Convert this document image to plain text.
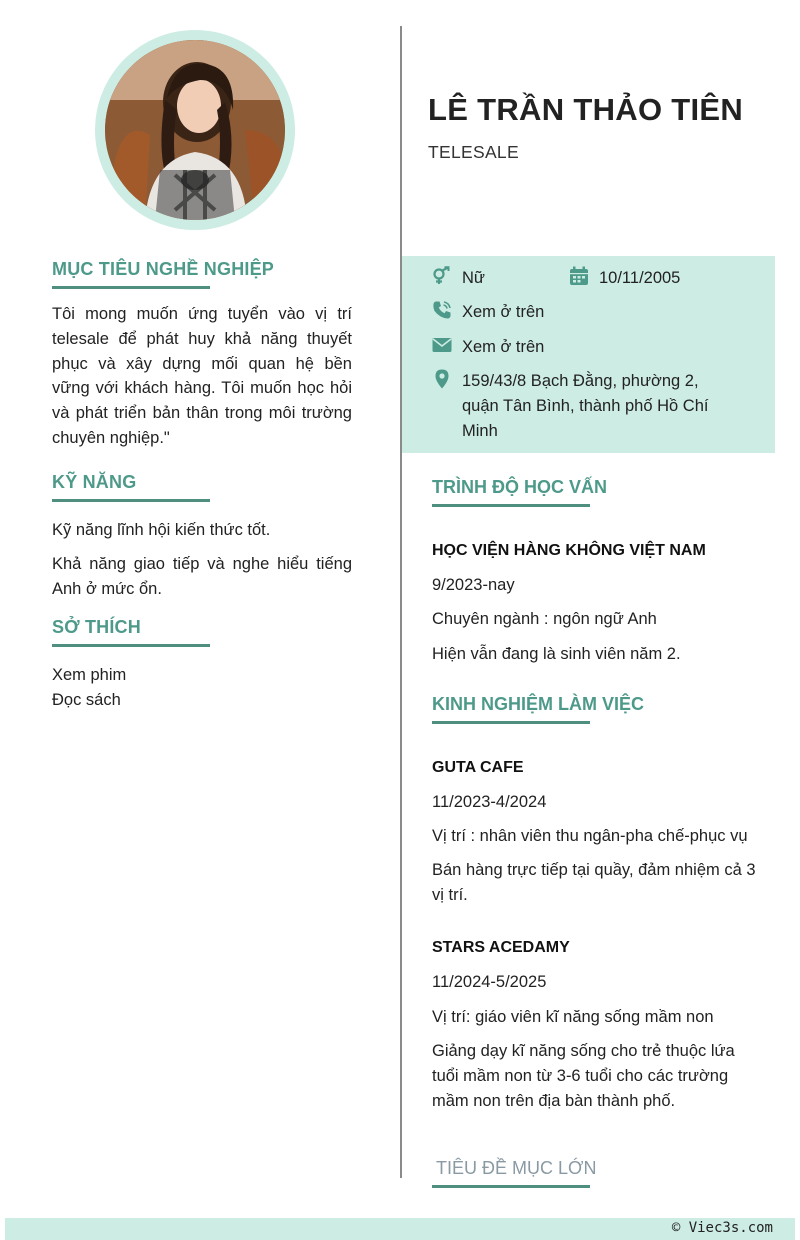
MỤC TIÊU NGHỀ NGHIỆP

Tôi mong muốn ứng tuyển vào vị trí telesale để phát huy khả năng thuyết phục và xây dựng mối quan hệ bền vững với khách hàng. Tôi muốn học hỏi và phát triển bản thân trong môi trường chuyên nghiệp."

KỸ NĂNG

Kỹ năng lĩnh hội kiến thức tốt.

Khả năng giao tiếp và nghe hiểu tiếng Anh ở mức ổn.

SỞ THÍCH

Xem phim

Đọc sách

LÊ TRẦN THẢO TIÊN
TELESALE
Nữ	10/11/2005
Xem ở trên
Xem ở trên
159/43/8 Bạch Đằng, phường 2, quận Tân Bình, thành phố Hồ Chí Minh
TRÌNH ĐỘ HỌC VẤN
HỌC VIỆN HÀNG KHÔNG VIỆT NAM
9/2023-nay
Chuyên ngành : ngôn ngữ Anh
Hiện vẫn đang là sinh viên năm 2.
KINH NGHIỆM LÀM VIỆC
GUTA CAFE
11/2023-4/2024
Vị trí : nhân viên thu ngân-pha chế-phục vụ
Bán hàng trực tiếp tại quầy, đảm nhiệm cả 3 vị trí.
STARS ACEDAMY
11/2024-5/2025
Vị trí: giáo viên kĩ năng sống mầm non
Giảng dạy kĩ năng sống cho trẻ thuộc lứa tuổi mầm non từ 3-6 tuổi cho các trường mầm non trên địa bàn thành phố.
TIÊU ĐỀ MỤC LỚN
© Viec3s.com
